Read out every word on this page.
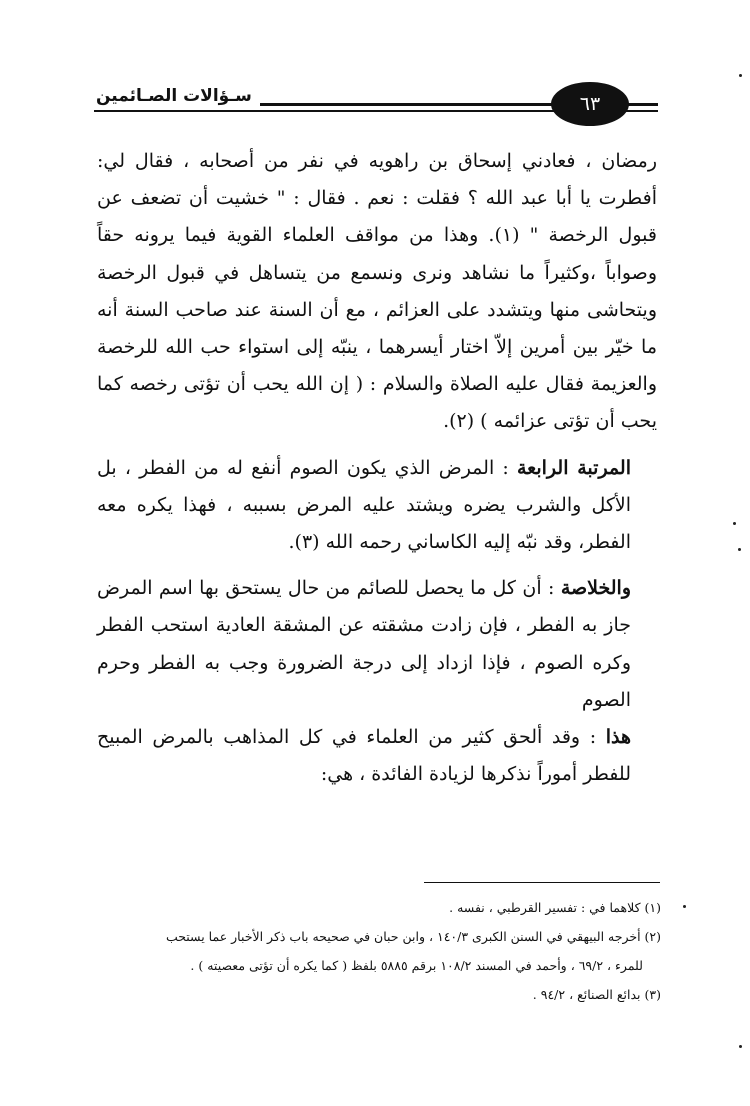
سـؤالات الصـائمين	٦٣

رمضان ، فعادني إسحاق بن راهويه في نفر من أصحابه ، فقال لي: أفطرت يا أبا عبد الله ؟ فقلت : نعم . فقال : " خشيت أن تضعف عن قبول الرخصة " (١). وهذا من مواقف العلماء القوية فيما يرونه حقاً وصواباً ،وكثيراً ما نشاهد ونرى ونسمع من يتساهل في قبول الرخصة ويتحاشى منها ويتشدد على العزائم ، مع أن السنة عند صاحب السنة أنه ما خيّر بين أمرين إلاّ اختار أيسرهما ، ينبّه إلى استواء حب الله للرخصة والعزيمة فقال عليه الصلاة والسلام : ( إن الله يحب أن تؤتى رخصه كما يحب أن تؤتى عزائمه ) (٢).

المرتبة الرابعة : المرض الذي يكون الصوم أنفع له من الفطر ، بل الأكل والشرب يضره ويشتد عليه المرض بسببه ، فهذا يكره معه الفطر، وقد نبّه إليه الكاساني رحمه الله (٣).

والخلاصة : أن كل ما يحصل للصائم من حال يستحق بها اسم المرض جاز به الفطر ، فإن زادت مشقته عن المشقة العادية استحب الفطر وكره الصوم ، فإذا ازداد إلى درجة الضرورة وجب به الفطر وحرم الصوم

هذا : وقد ألحق كثير من العلماء في كل المذاهب بالمرض المبيح للفطر أموراً نذكرها لزيادة الفائدة ، هي:

(١) كلاهما في : تفسير القرطبي ، نفسه .

(٢) أخرجه البيهقي في السنن الكبرى ١٤٠/٣ ، وابن حبان في صحيحه باب ذكر الأخبار عما يستحب

للمرء ، ٦٩/٢ ، وأحمد في المسند ١٠٨/٢ برقم ٥٨٨٥ بلفظ ( كما يكره أن تؤتى معصيته ) .

(٣) بدائع الصنائع ، ٩٤/٢ .
